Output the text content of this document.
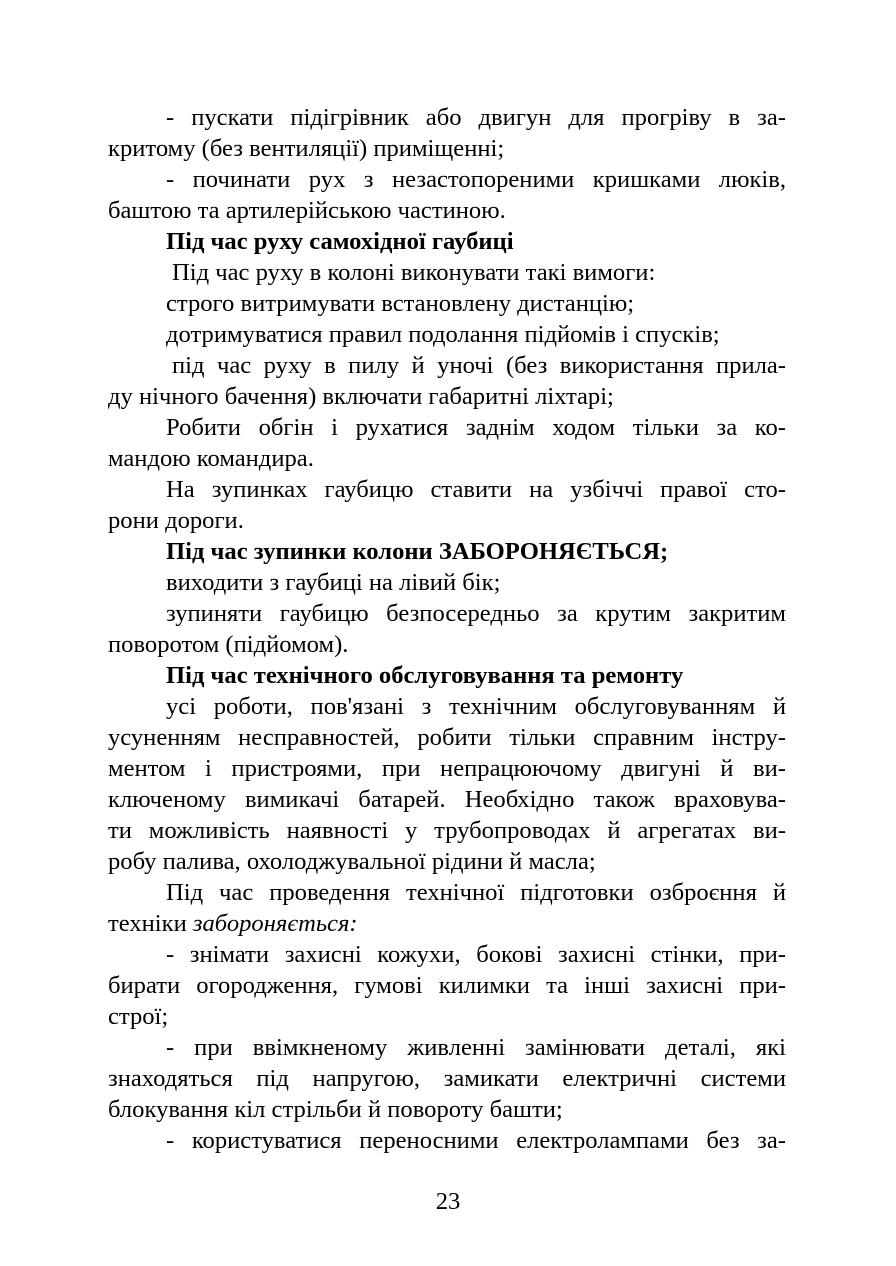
- пускати підігрівник або двигун для прогріву в за-
критому (без вентиляції) приміщенні;
- починати рух з незастопореними кришками люків,
баштою та артилерійською частиною.
Під час руху самохідної гаубиці
Під час руху в колоні виконувати такі вимоги:
строго витримувати встановлену дистанцію;
дотримуватися правил подолання підйомів і спусків;
під час руху в пилу й уночі (без використання прила-
ду нічного бачення) включати габаритні ліхтарі;
Робити обгін і рухатися заднім ходом тільки за ко-
мандою командира.
На зупинках гаубицю ставити на узбіччі правої сто-
рони дороги.
Під час зупинки колони ЗАБОРОНЯЄТЬСЯ;
виходити з гаубиці на лівий бік;
зупиняти гаубицю безпосередньо за крутим закритим
поворотом (підйомом).
Під час технічного обслуговування та ремонту
усі роботи, пов'язані з технічним обслуговуванням й
усуненням несправностей, робити тільки справним інстру-
ментом і пристроями, при непрацюючому двигуні й ви-
ключеному вимикачі батарей. Необхідно також враховува-
ти можливість наявності у трубопроводах й агрегатах ви-
робу палива, охолоджувальної рідини й масла;
Під час проведення технічної підготовки озброєння й
техніки забороняється:
- знімати захисні кожухи, бокові захисні стінки, при-
бирати огородження, гумові килимки та інші захисні при-
строї;
- при ввімкненому живленні замінювати деталі, які
знаходяться під напругою, замикати електричні системи
блокування кіл стрільби й повороту башти;
- користуватися переносними електролампами без за-
23
